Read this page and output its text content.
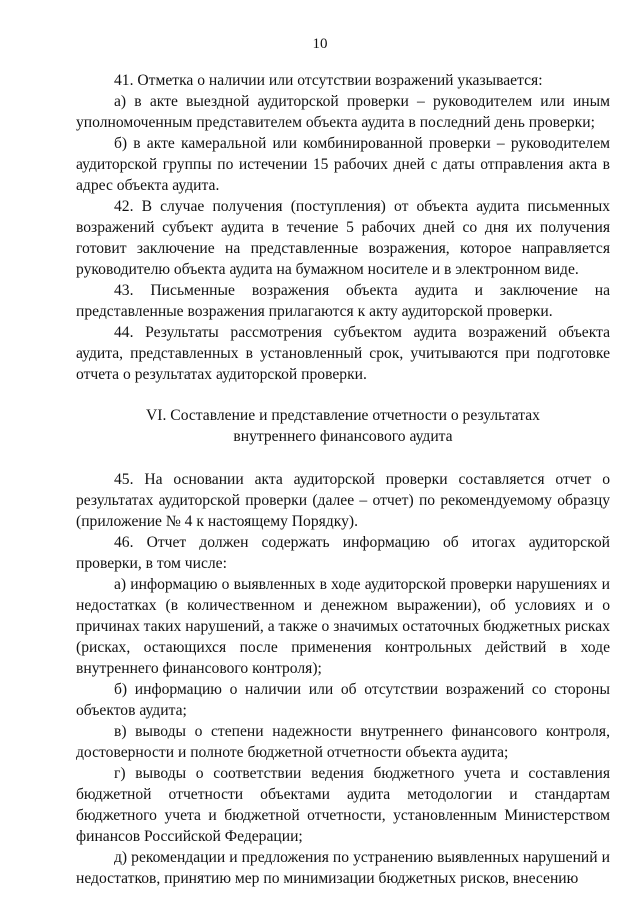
10

41. Отметка о наличии или отсутствии возражений указывается:

а) в акте выездной аудиторской проверки – руководителем или иным уполномоченным представителем объекта аудита в последний день проверки;

б) в акте камеральной или комбинированной проверки – руководителем аудиторской группы по истечении 15 рабочих дней с даты отправления акта в адрес объекта аудита.

42. В случае получения (поступления) от объекта аудита письменных возражений субъект аудита в течение 5 рабочих дней со дня их получения готовит заключение на представленные возражения, которое направляется руководителю объекта аудита на бумажном носителе и в электронном виде.

43. Письменные возражения объекта аудита и заключение на представленные возражения прилагаются к акту аудиторской проверки.

44. Результаты рассмотрения субъектом аудита возражений объекта аудита, представленных в установленный срок, учитываются при подготовке отчета о результатах аудиторской проверки.

VI. Составление и представление отчетности о результатах
внутреннего финансового аудита

45. На основании акта аудиторской проверки составляется отчет о результатах аудиторской проверки (далее – отчет) по рекомендуемому образцу (приложение № 4 к настоящему Порядку).

46. Отчет должен содержать информацию об итогах аудиторской проверки, в том числе:

а) информацию о выявленных в ходе аудиторской проверки нарушениях и недостатках (в количественном и денежном выражении), об условиях и о причинах таких нарушений, а также о значимых остаточных бюджетных рисках (рисках, остающихся после применения контрольных действий в ходе внутреннего финансового контроля);

б) информацию о наличии или об отсутствии возражений со стороны объектов аудита;

в) выводы о степени надежности внутреннего финансового контроля, достоверности и полноте бюджетной отчетности объекта аудита;

г) выводы о соответствии ведения бюджетного учета и составления бюджетной отчетности объектами аудита методологии и стандартам бюджетного учета и бюджетной отчетности, установленным Министерством финансов Российской Федерации;

д) рекомендации и предложения по устранению выявленных нарушений и недостатков, принятию мер по минимизации бюджетных рисков, внесению
